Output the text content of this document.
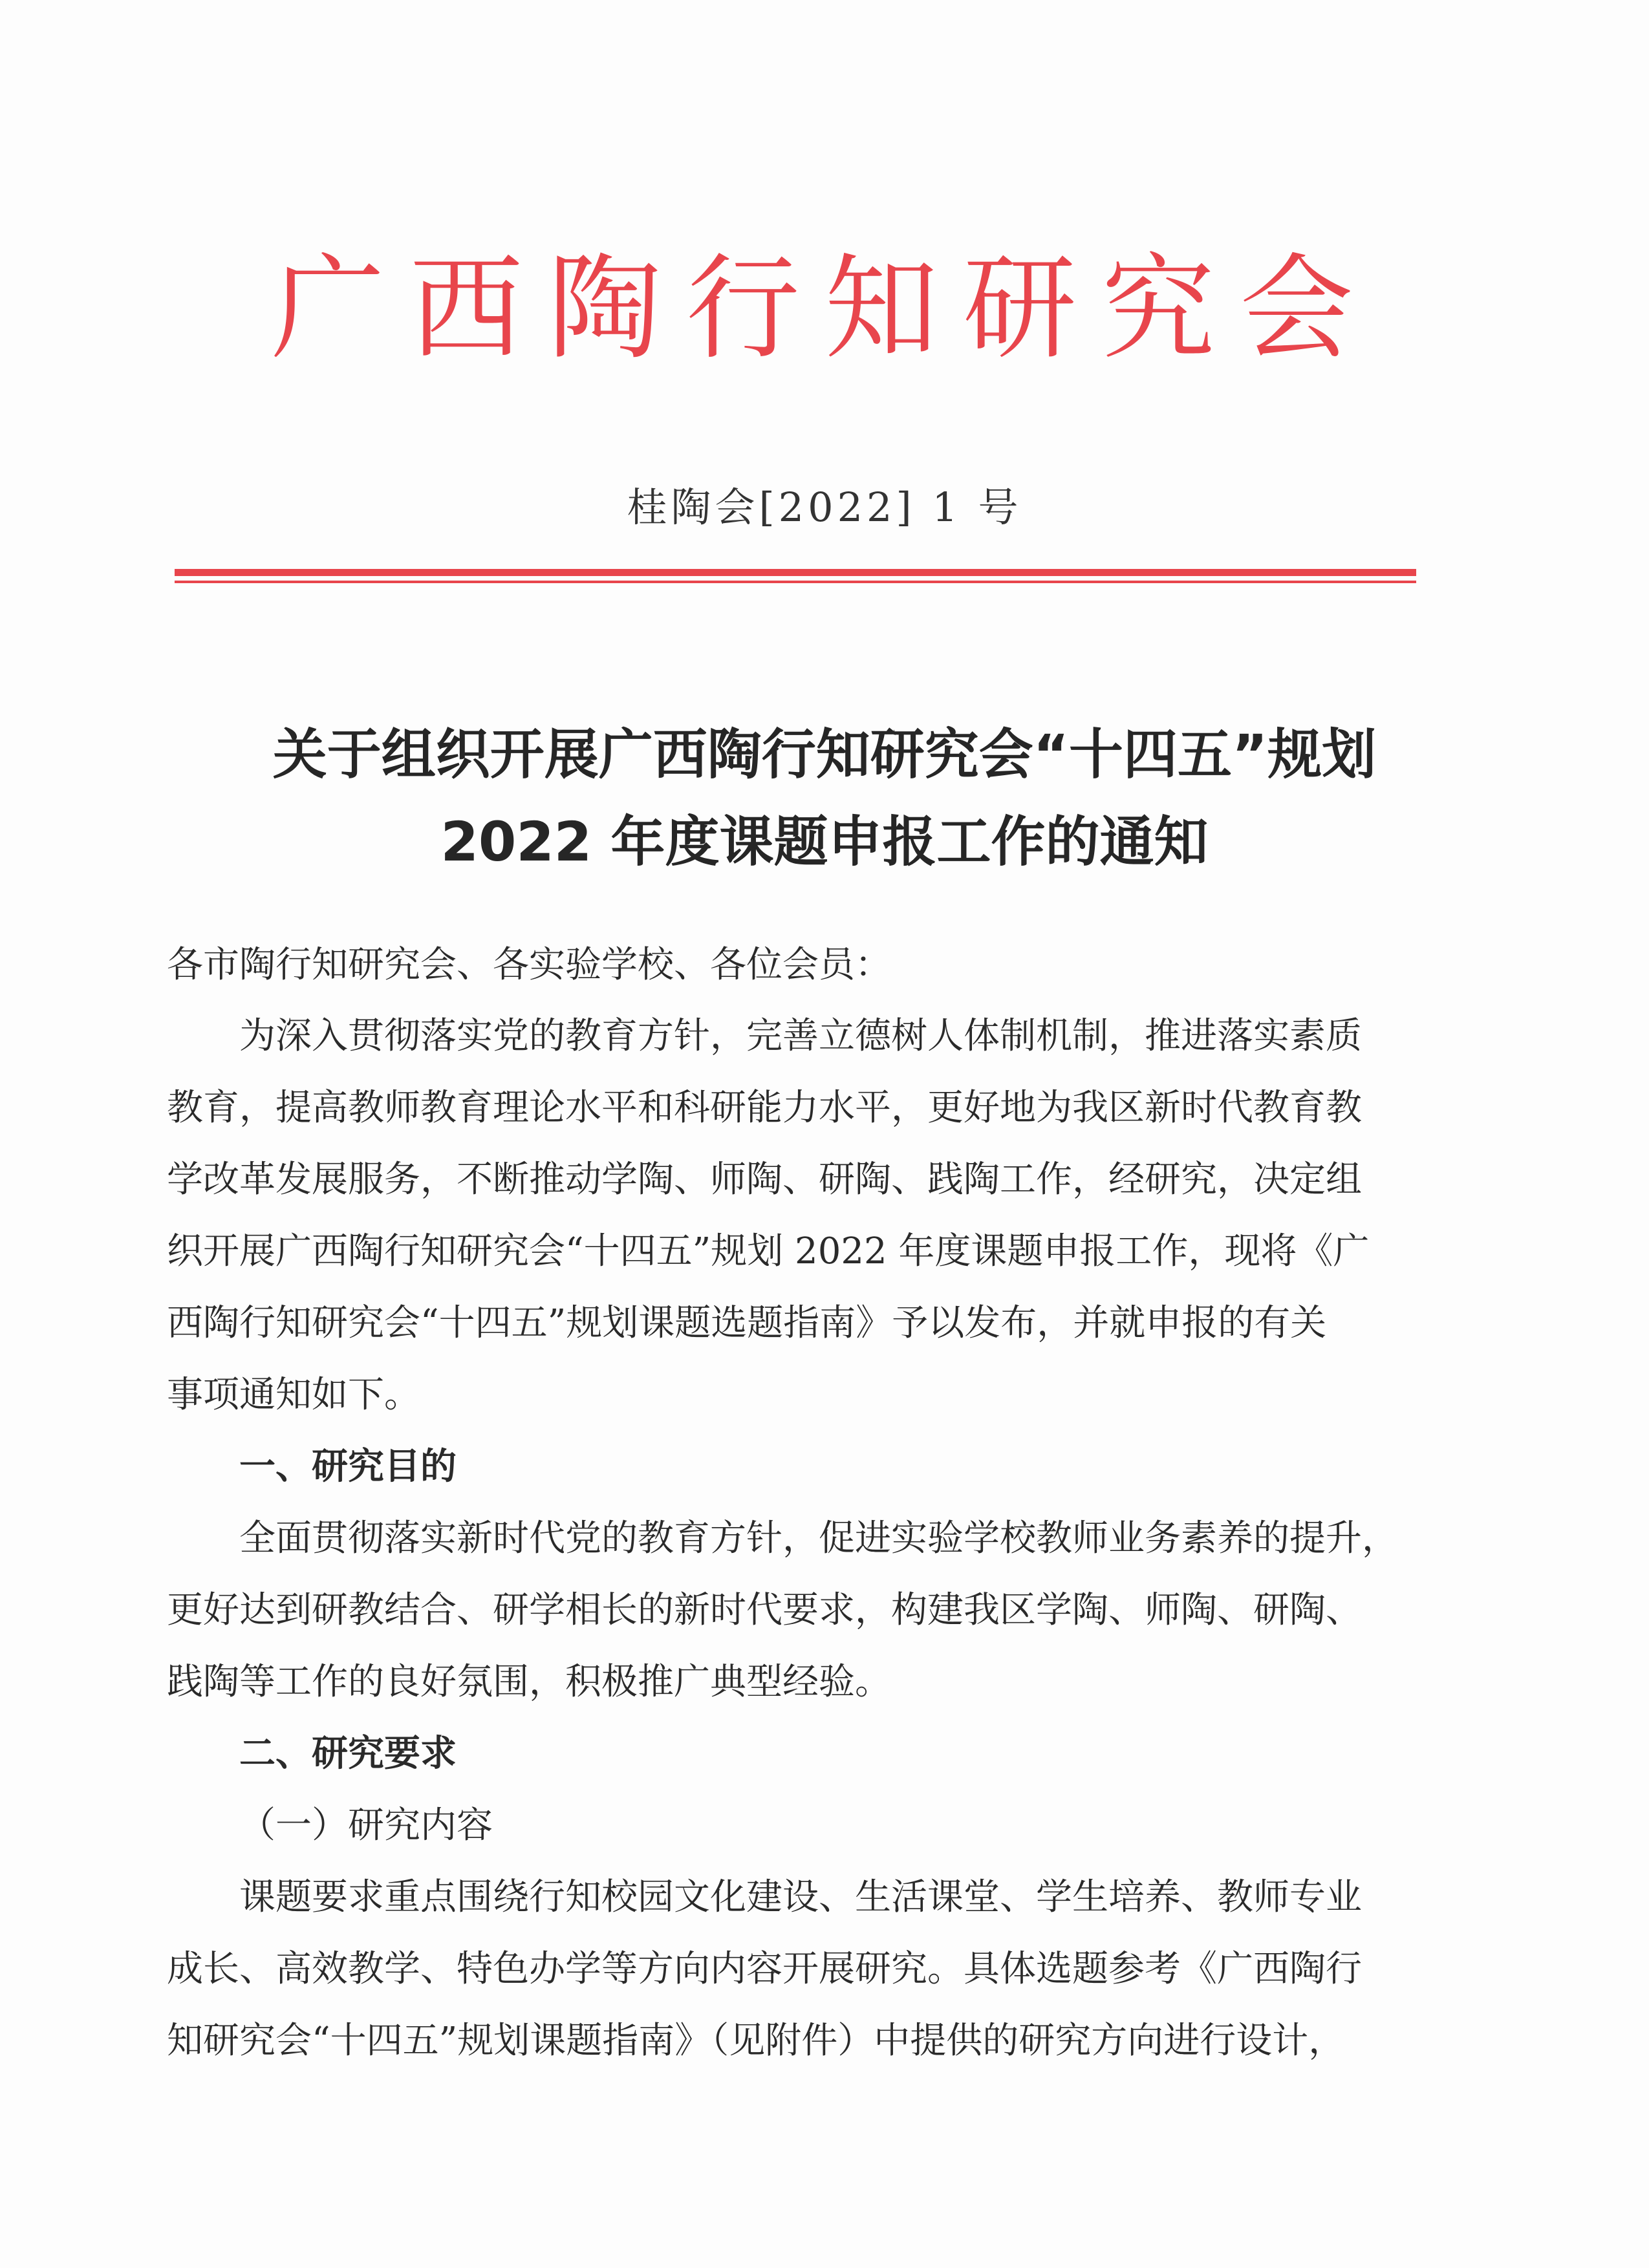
广西陶行知研究会
桂陶会[2022] 1 号
关于组织开展广西陶行知研究会“十四五”规划
2022 年度课题申报工作的通知
各市陶行知研究会、各实验学校、各位会员：
为深入贯彻落实党的教育方针，完善立德树人体制机制，推进落实素质
教育，提高教师教育理论水平和科研能力水平，更好地为我区新时代教育教
学改革发展服务，不断推动学陶、师陶、研陶、践陶工作，经研究，决定组
织开展广西陶行知研究会“十四五”规划 2022 年度课题申报工作，现将《广
西陶行知研究会“十四五”规划课题选题指南》予以发布，并就申报的有关
事项通知如下。
一、研究目的
全面贯彻落实新时代党的教育方针，促进实验学校教师业务素养的提升，
更好达到研教结合、研学相长的新时代要求，构建我区学陶、师陶、研陶、
践陶等工作的良好氛围，积极推广典型经验。
二、研究要求
（一）研究内容
课题要求重点围绕行知校园文化建设、生活课堂、学生培养、教师专业
成长、高效教学、特色办学等方向内容开展研究。具体选题参考《广西陶行
知研究会“十四五”规划课题指南》（见附件）中提供的研究方向进行设计，
